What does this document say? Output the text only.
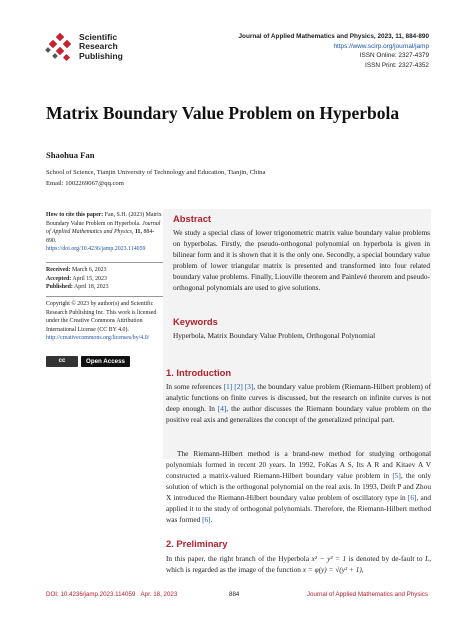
Scientific
Research
Publishing
Journal of Applied Mathematics and Physics, 2023, 11, 884-890
https://www.scirp.org/journal/jamp
ISSN Online: 2327-4379
ISSN Print: 2327-4352
Matrix Boundary Value Problem on Hyperbola
Shaohua Fan
School of Science, Tianjin University of Technology and Education, Tianjin, China
Email: 1002269067@qq.com
How to cite this paper: Fan, S.H. (2023) Matrix Boundary Value Problem on Hyperbola. Journal of Applied Mathematics and Physics, 11, 884-890.
https://doi.org/10.4236/jamp.2023.114059
Received: March 6, 2023
Accepted: April 15, 2023
Published: April 18, 2023
Copyright © 2023 by author(s) and Scientific Research Publishing Inc. This work is licensed under the Creative Commons Attribution International License (CC BY 4.0).
http://creativecommons.org/licenses/by/4.0/
cc	Open Access
Abstract
We study a special class of lower trigonometric matrix value boundary value problems on hyperbolas. Firstly, the pseudo-orthogonal polynomial on hyperbola is given in bilinear form and it is shown that it is the only one. Secondly, a special boundary value problem of lower triangular matrix is presented and transformed into four related boundary value problems. Finally, Liouville theorem and Painlevé theorem and pseudo-orthogonal polynomials are used to give solutions.
Keywords
Hyperbola, Matrix Boundary Value Problem, Orthogonal Polynomial
1. Introduction
In some references [1] [2] [3], the boundary value problem (Riemann-Hilbert problem) of analytic functions on finite curves is discussed, but the research on infinite curves is not deep enough. In [4], the author discusses the Riemann boundary value problem on the positive real axis and generalizes the concept of the generalized principal part.
The Riemann-Hilbert method is a brand-new method for studying orthogonal polynomials formed in recent 20 years. In 1992, FoKas A S, Its A R and Kitaev A V constructed a matrix-valued Riemann-Hilbert boundary value problem in [5], the only solution of which is the orthogonal polynomial on the real axis. In 1993, Deift P and Zhou X introduced the Riemann-Hilbert boundary value problem of oscillatory type in [6], and applied it to the study of orthogonal polynomials. Therefore, the Riemann-Hilbert method was formed [6].
2. Preliminary
In this paper, the right branch of the Hyperbola x² − y² = 1 is denoted by de-fault to L, which is regarded as the image of the function x = φ(y) = √(y² + 1),
DOI: 10.4236/jamp.2023.114059 Apr. 18, 2023	884	Journal of Applied Mathematics and Physics
